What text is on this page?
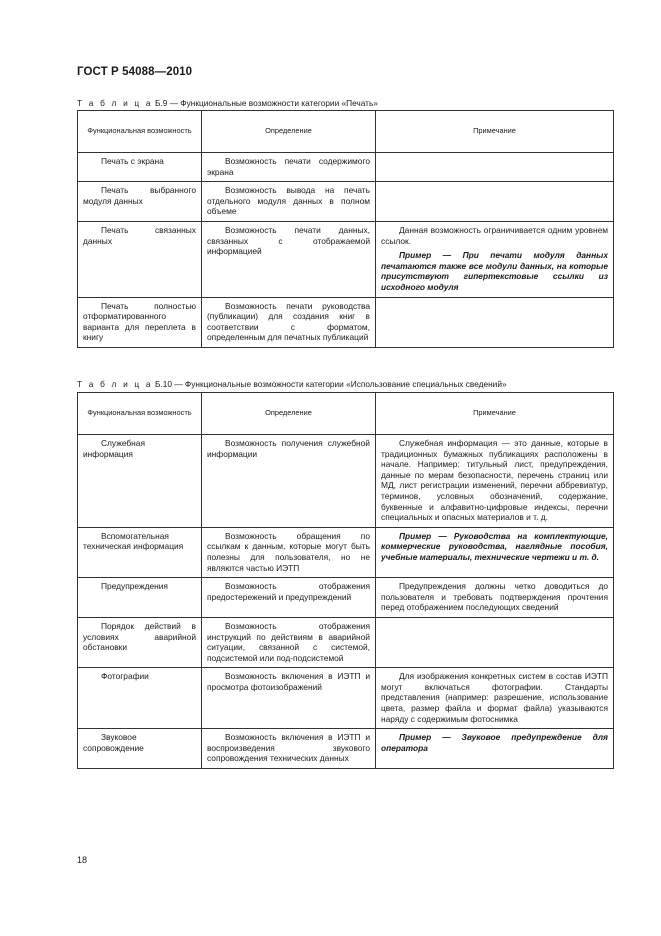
ГОСТ Р 54088—2010
Т а б л и ц а Б.9 — Функциональные возможности категории «Печать»
Функциональная возможность	Определение	Примечание
Печать с экрана	Возможность печати содержимого экрана	
Печать выбранного модуля данных	Возможность вывода на печать отдельного модуля данных в полном объеме	
Печать связанных данных	Возможность печати данных, связанных с отображаемой информацией	Данная возможность ограничивается одним уровнем ссылок.

Пример — При печати модуля данных печатаются также все модули данных, на которые присутствуют гипертекстовые ссылки из исходного модуля

Печать полностью отформатированного варианта для переплета в книгу	Возможность печати руководства (публикации) для создания книг в соответствии с форматом, определенным для печатных публикаций	
Т а б л и ц а Б.10 — Функциональные возможности категории «Использование специальных сведений»
Функциональная возможность	Определение	Примечание
Служебная информация	Возможность получения служебной информации	Служебная информация — это данные, которые в традиционных бумажных публикациях расположены в начале. Например: титульный лист, предупреждения, данные по мерам безопасности, перечень страниц или МД, лист регистрации изменений, перечни аббревиатур, терминов, условных обозначений, содержание, буквенные и алфавитно-цифровые индексы, перечни специальных и опасных материалов и т. д.

Вспомогательная техническая информация	Возможность обращения по ссылкам к данным, которые могут быть полезны для пользователя, но не являются частью ИЭТП	Пример — Руководства на комплектующие, коммерческие руководства, наглядные пособия, учебные материалы, технические чертежи и т. д.

Предупреждения	Возможность отображения предостережений и предупреждений	Предупреждения должны четко доводиться до пользователя и требовать подтверждения прочтения перед отображением последующих сведений

Порядок действий в условиях аварийной обстановки	Возможность отображения инструкций по действиям в аварийной ситуации, связанной с системой, подсистемой или под-подсистемой	
Фотографии	Возможность включения в ИЭТП и просмотра фотоизображений	Для изображения конкретных систем в состав ИЭТП могут включаться фотографии. Стандарты представления (например: разрешение, использование цвета, размер файла и формат файла) указываются наряду с содержимым фотоснимка

Звуковое сопровождение	Возможность включения в ИЭТП и воспроизведения звукового сопровождения технических данных	Пример — Звуковое предупреждение для оператора

18
